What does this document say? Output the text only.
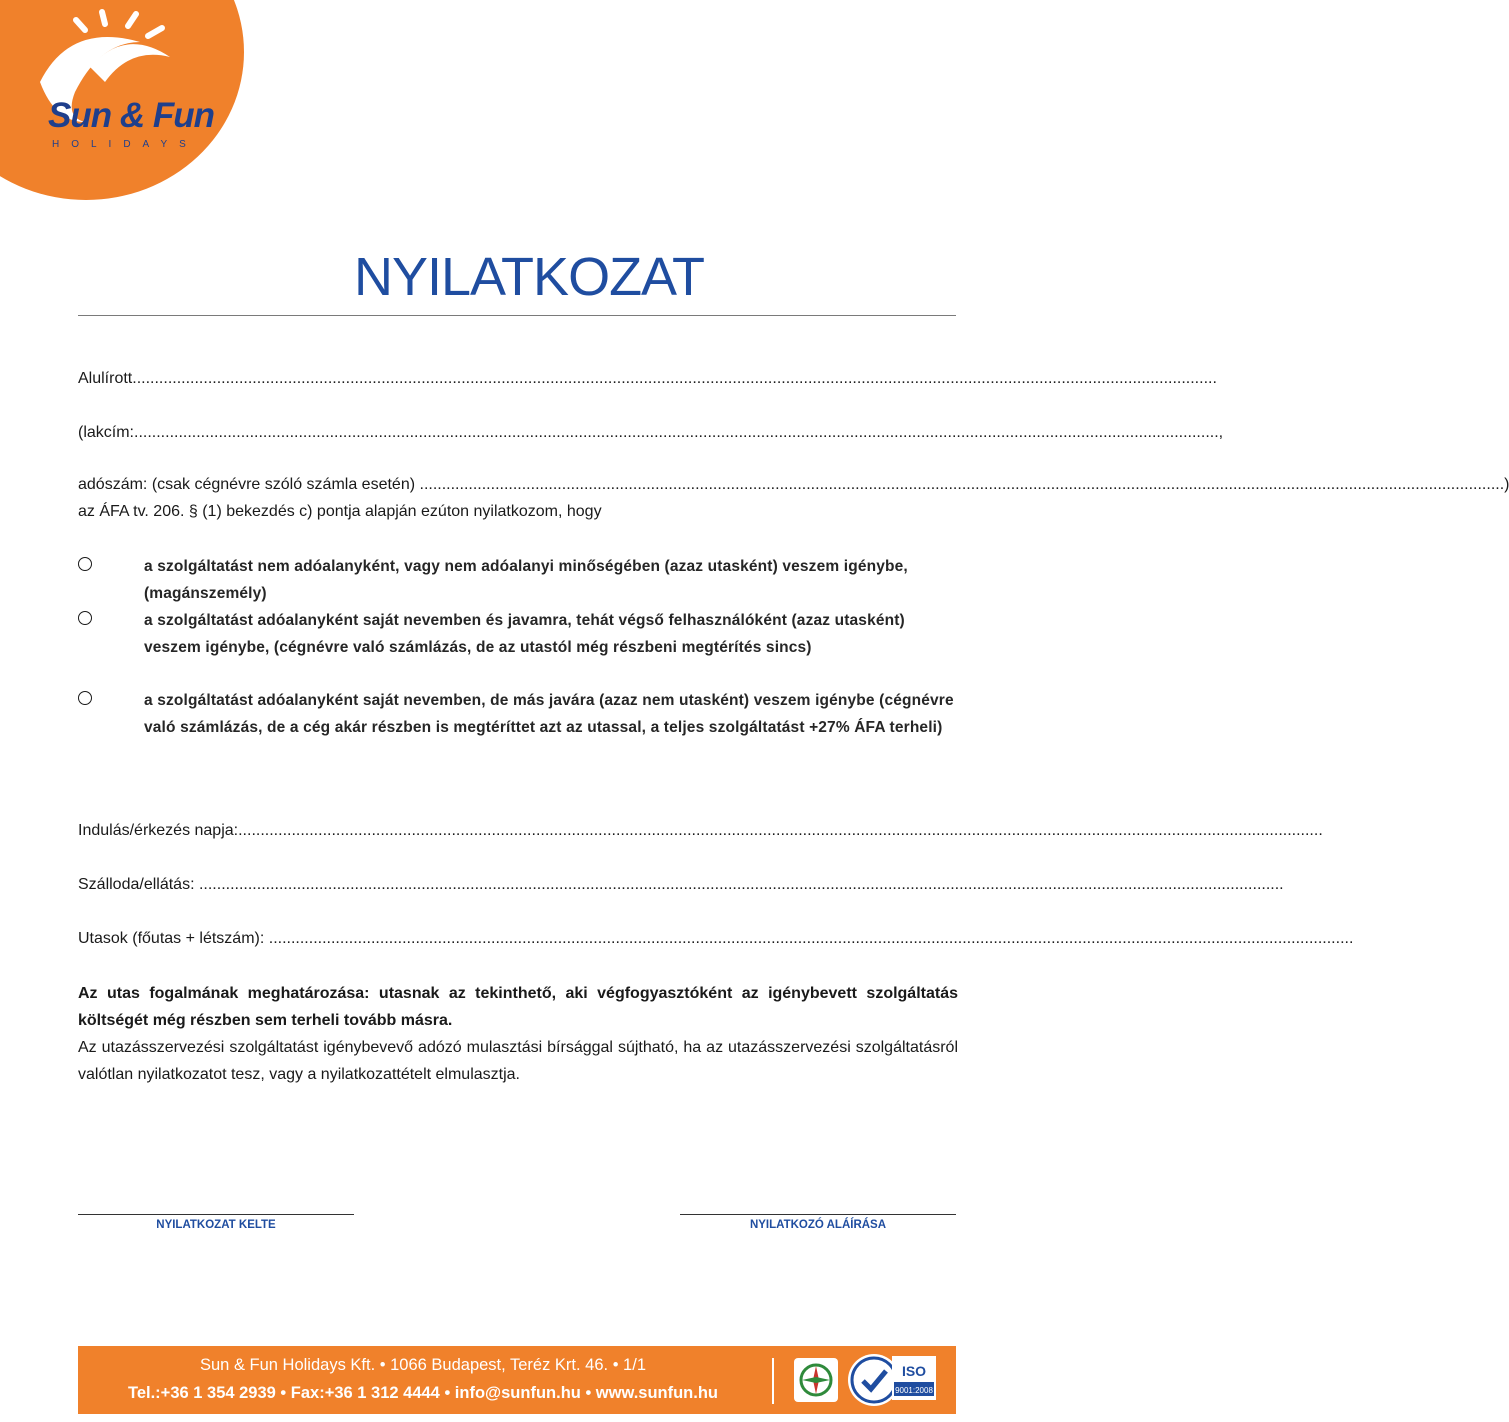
Sun & Fun
HOLIDAYS
NYILATKOZAT
Alulírott ....................................................................................................................................................................................................................................................
(lakcím: .................................................................................................................................................................................................................................................... ,
adószám: (csak cégnévre szóló számla esetén) .................................................................................................................................................................................................................................................... )
az ÁFA tv. 206. § (1) bekezdés c) pontja alapján ezúton nyilatkozom, hogy
a szolgáltatást nem adóalanyként, vagy nem adóalanyi minőségében (azaz utasként) veszem igénybe, (magánszemély)
a szolgáltatást adóalanyként saját nevemben és javamra, tehát végső felhasználóként (azaz utasként) veszem igénybe, (cégnévre való számlázás, de az utastól még részbeni megtérítés sincs)
a szolgáltatást adóalanyként saját nevemben, de más javára (azaz nem utasként) veszem igénybe (cégnévre való számlázás, de a cég akár részben is megtéríttet azt az utassal, a teljes szolgáltatást +27% ÁFA terheli)
Indulás/érkezés napja: ....................................................................................................................................................................................................................................................
Szálloda/ellátás: ....................................................................................................................................................................................................................................................
Utasok (főutas + létszám): ....................................................................................................................................................................................................................................................
Az utas fogalmának meghatározása: utasnak az tekinthető, aki végfogyasztóként az igénybevett szolgáltatás költségét még részben sem terheli tovább másra.
Az utazásszervezési szolgáltatást igénybevevő adózó mulasztási bírsággal sújtható, ha az utazásszervezési szolgáltatásról valótlan nyilatkozatot tesz, vagy a nyilatkozattételt elmulasztja.
NYILATKOZAT KELTE	NYILATKOZÓ ALÁÍRÁSA
Sun & Fun Holidays Kft. • 1066 Budapest, Teréz Krt. 46. • 1/1
Tel.:+36 1 354 2939 • Fax:+36 1 312 4444 • info@sunfun.hu • www.sunfun.hu
ISO
9001:2008
